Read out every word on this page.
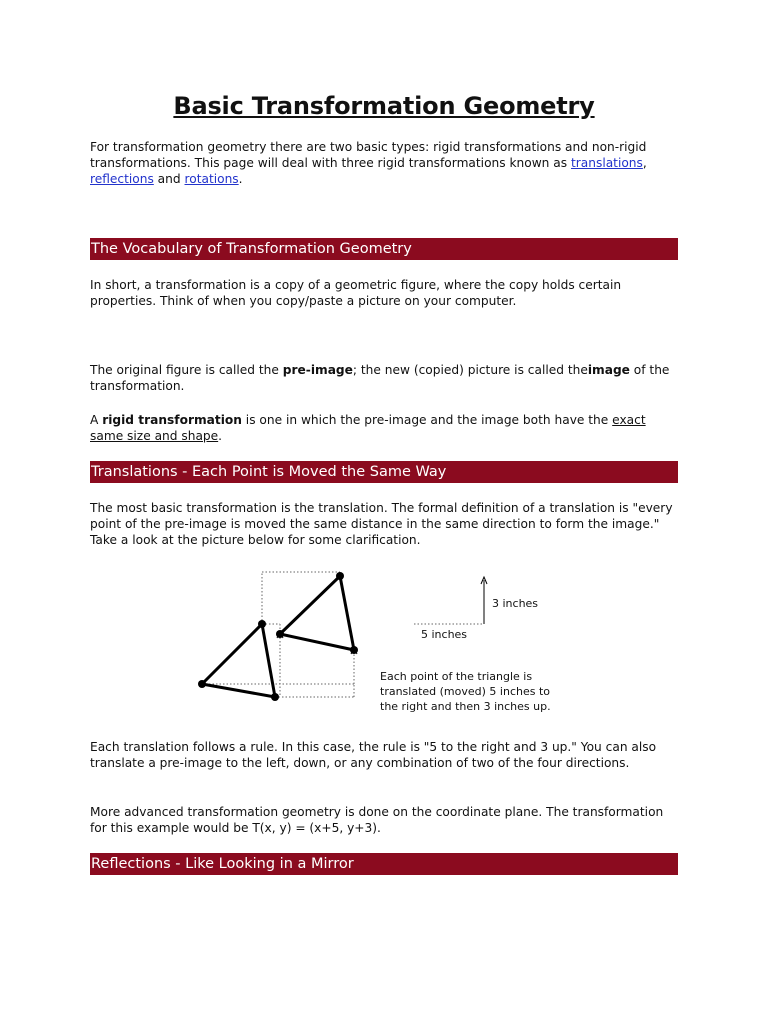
Basic Transformation Geometry

For transformation geometry there are two basic types: rigid transformations and non-rigid transformations. This page will deal with three rigid transformations known as translations, reflections and rotations.

The Vocabulary of Transformation Geometry

In short, a transformation is a copy of a geometric figure, where the copy holds certain properties. Think of when you copy/paste a picture on your computer.

The original figure is called the pre-image; the new (copied) picture is called theimage of the transformation.

A rigid transformation is one in which the pre-image and the image both have the exact same size and shape.

Translations - Each Point is Moved the Same Way

The most basic transformation is the translation. The formal definition of a translation is "every point of the pre-image is moved the same distance in the same direction to form the image." Take a look at the picture below for some clarification.

3 inches
5 inches
Each point of the triangle is
translated (moved) 5 inches to
the right and then 3 inches up.

Each translation follows a rule. In this case, the rule is "5 to the right and 3 up." You can also translate a pre-image to the left, down, or any combination of two of the four directions.

More advanced transformation geometry is done on the coordinate plane. The transformation for this example would be T(x, y) = (x+5, y+3).

Reflections - Like Looking in a Mirror
